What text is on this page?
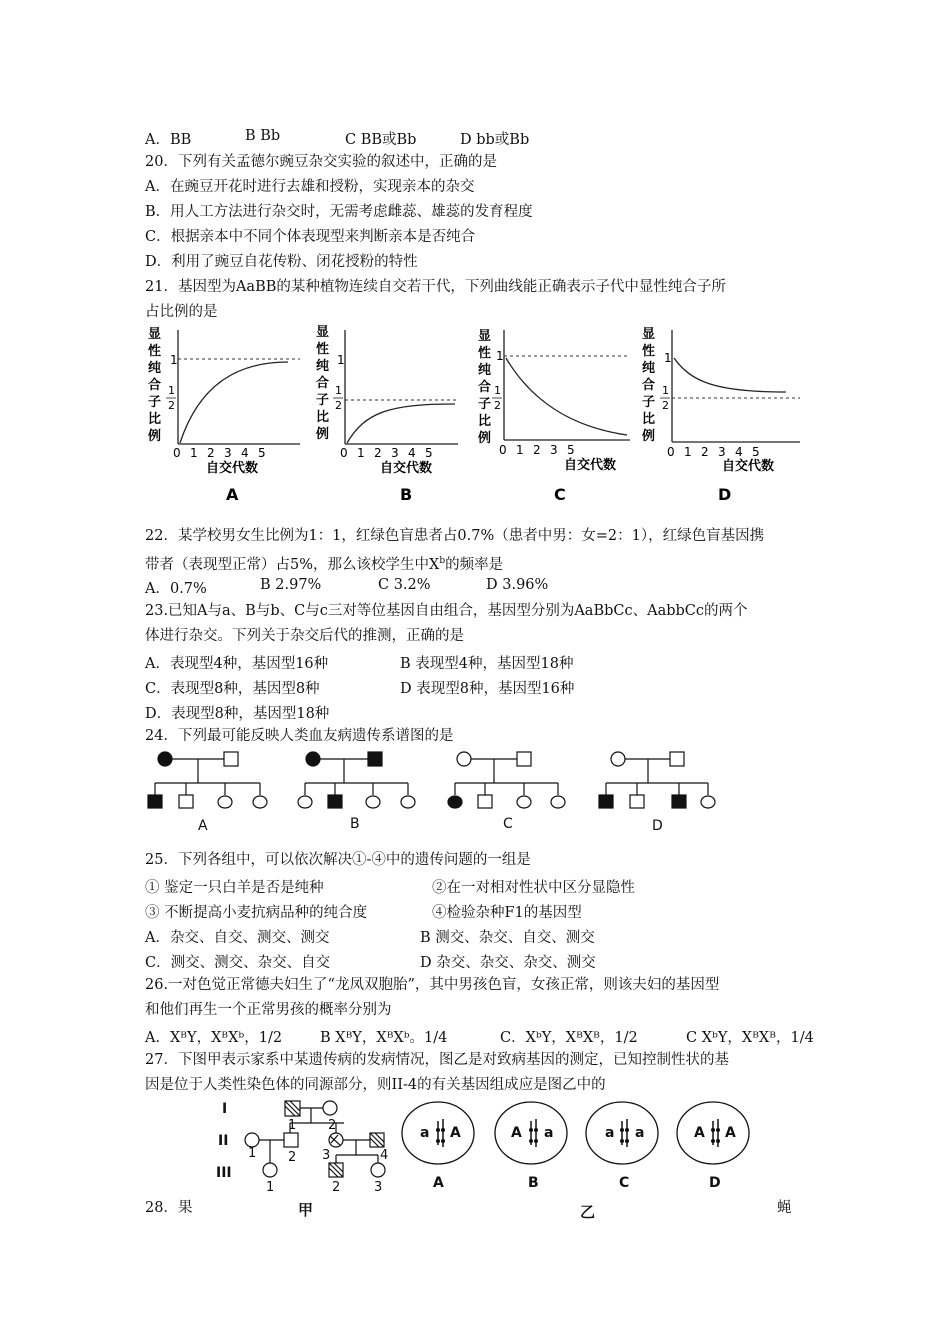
A．BB	B Bb	C BB或Bb	D bb或Bb
20．下列有关孟德尔豌豆杂交实验的叙述中，正确的是
A．在豌豆开花时进行去雄和授粉，实现亲本的杂交
B．用人工方法进行杂交时，无需考虑雌蕊、雄蕊的发育程度
C．根据亲本中不同个体表现型来判断亲本是否纯合
D．利用了豌豆自花传粉、闭花授粉的特性
21．基因型为AaBB的某种植物连续自交若干代，下列曲线能正确表示子代中显性纯合子所
占比例的是
显
性
纯
合
子
比
例
1
1
2
0 1 2 3 4 5
自交代数
A
显
性
纯
合
子
比
例
1
1
2
0 1 2 3 4 5
自交代数
B
显
性
纯
合
子
比
例
1
1
2
0 1 2 3 5
自交代数
C
显
性
纯
合
子
比
例
1
1
2
0 1 2 3 4 5
自交代数
D
22．某学校男女生比例为1：1，红绿色盲患者占0.7%（患者中男：女=2：1），红绿色盲基因携
带者（表现型正常）占5%，那么该校学生中$X^b$的频率是
A．0.7%	B 2.97%	C 3.2%	D 3.96%
23.已知A与a、B与b、C与c三对等位基因自由组合，基因型分别为AaBbCc、AabbCc的两个
体进行杂交。下列关于杂交后代的推测，正确的是
A．表现型4种，基因型16种	B 表现型4种，基因型18种
C．表现型8种，基因型8种	D 表现型8种，基因型16种
D．表现型8种，基因型18种
24．下列最可能反映人类血友病遗传系谱图的是
A	B	C	D
25．下列各组中，可以依次解决①-④中的遗传问题的一组是
① 鉴定一只白羊是否是纯种	②在一对相对性状中区分显隐性
③ 不断提高小麦抗病品种的纯合度	④检验杂种F1的基因型
A．杂交、自交、测交、测交	B 测交、杂交、自交、测交
C．测交、测交、杂交、自交	D 杂交、杂交、杂交、测交
26.一对色觉正常德夫妇生了“龙凤双胞胎”，其中男孩色盲，女孩正常，则该夫妇的基因型
和他们再生一个正常男孩的概率分别为
A．XᴮY，XᴮXᵇ，1/2	B XᴮY，XᴮXᵇ。1/4	C．XᵇY，XᴮXᴮ，1/2	C XᵇY，XᴮXᴮ，1/4
27．下图甲表示家系中某遗传病的发病情况，图乙是对致病基因的测定，已知控制性状的基
因是位于人类性染色体的同源部分，则II-4的有关基因组成应是图乙中的
I
II
III
1 2
1 2 3	4
1	2	3
a A	A a	a a	A A
A	B	C	D
甲	乙
28．果	蝇
